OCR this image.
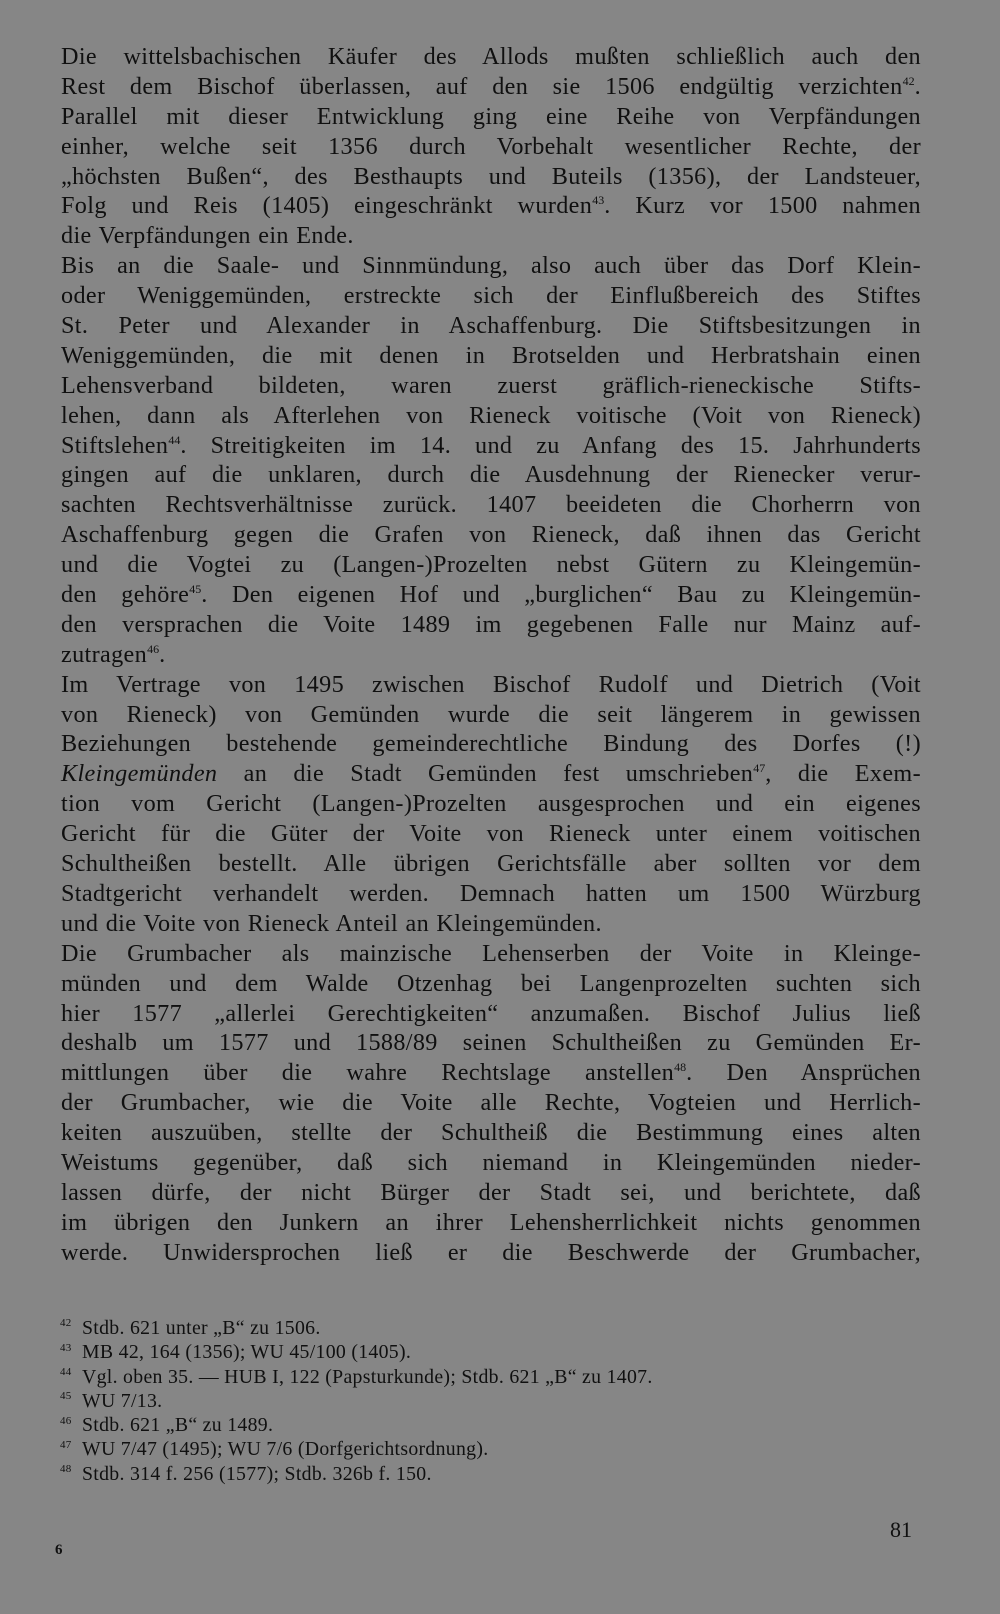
Die wittelsbachischen Käufer des Allods mußten schließlich auch den
Rest dem Bischof überlassen, auf den sie 1506 endgültig verzichten$^{42}$.
Parallel mit dieser Entwicklung ging eine Reihe von Verpfändungen
einher, welche seit 1356 durch Vorbehalt wesentlicher Rechte, der
„höchsten Bußen“, des Besthaupts und Buteils (1356), der Landsteuer,
Folg und Reis (1405) eingeschränkt wurden$^{43}$. Kurz vor 1500 nahmen
die Verpfändungen ein Ende.
Bis an die Saale- und Sinnmündung, also auch über das Dorf Klein-
oder Weniggemünden, erstreckte sich der Einflußbereich des Stiftes
St. Peter und Alexander in Aschaffenburg. Die Stiftsbesitzungen in
Weniggemünden, die mit denen in Brotselden und Herbratshain einen
Lehensverband bildeten, waren zuerst gräflich-rieneckische Stifts-
lehen, dann als Afterlehen von Rieneck voitische (Voit von Rieneck)
Stiftslehen$^{44}$. Streitigkeiten im 14. und zu Anfang des 15. Jahrhunderts
gingen auf die unklaren, durch die Ausdehnung der Rienecker verur-
sachten Rechtsverhältnisse zurück. 1407 beeideten die Chorherrn von
Aschaffenburg gegen die Grafen von Rieneck, daß ihnen das Gericht
und die Vogtei zu (Langen-)Prozelten nebst Gütern zu Kleingemün-
den gehöre$^{45}$. Den eigenen Hof und „burglichen“ Bau zu Kleingemün-
den versprachen die Voite 1489 im gegebenen Falle nur Mainz auf-
zutragen$^{46}$.
Im Vertrage von 1495 zwischen Bischof Rudolf und Dietrich (Voit
von Rieneck) von Gemünden wurde die seit längerem in gewissen
Beziehungen bestehende gemeinderechtliche Bindung des Dorfes (!)
Kleingemünden an die Stadt Gemünden fest umschrieben$^{47}$, die Exem-
tion vom Gericht (Langen-)Prozelten ausgesprochen und ein eigenes
Gericht für die Güter der Voite von Rieneck unter einem voitischen
Schultheißen bestellt. Alle übrigen Gerichtsfälle aber sollten vor dem
Stadtgericht verhandelt werden. Demnach hatten um 1500 Würzburg
und die Voite von Rieneck Anteil an Kleingemünden.
Die Grumbacher als mainzische Lehenserben der Voite in Kleinge-
münden und dem Walde Otzenhag bei Langenprozelten suchten sich
hier 1577 „allerlei Gerechtigkeiten“ anzumaßen. Bischof Julius ließ
deshalb um 1577 und 1588/89 seinen Schultheißen zu Gemünden Er-
mittlungen über die wahre Rechtslage anstellen$^{48}$. Den Ansprüchen
der Grumbacher, wie die Voite alle Rechte, Vogteien und Herrlich-
keiten auszuüben, stellte der Schultheiß die Bestimmung eines alten
Weistums gegenüber, daß sich niemand in Kleingemünden nieder-
lassen dürfe, der nicht Bürger der Stadt sei, und berichtete, daß
im übrigen den Junkern an ihrer Lehensherrlichkeit nichts genommen
werde. Unwidersprochen ließ er die Beschwerde der Grumbacher,
42 Stdb. 621 unter „B“ zu 1506.
43 MB 42, 164 (1356); WU 45/100 (1405).
44 Vgl. oben 35. — HUB I, 122 (Papsturkunde); Stdb. 621 „B“ zu 1407.
45 WU 7/13.
46 Stdb. 621 „B“ zu 1489.
47 WU 7/47 (1495); WU 7/6 (Dorfgerichtsordnung).
48 Stdb. 314 f. 256 (1577); Stdb. 326b f. 150.
81
6
